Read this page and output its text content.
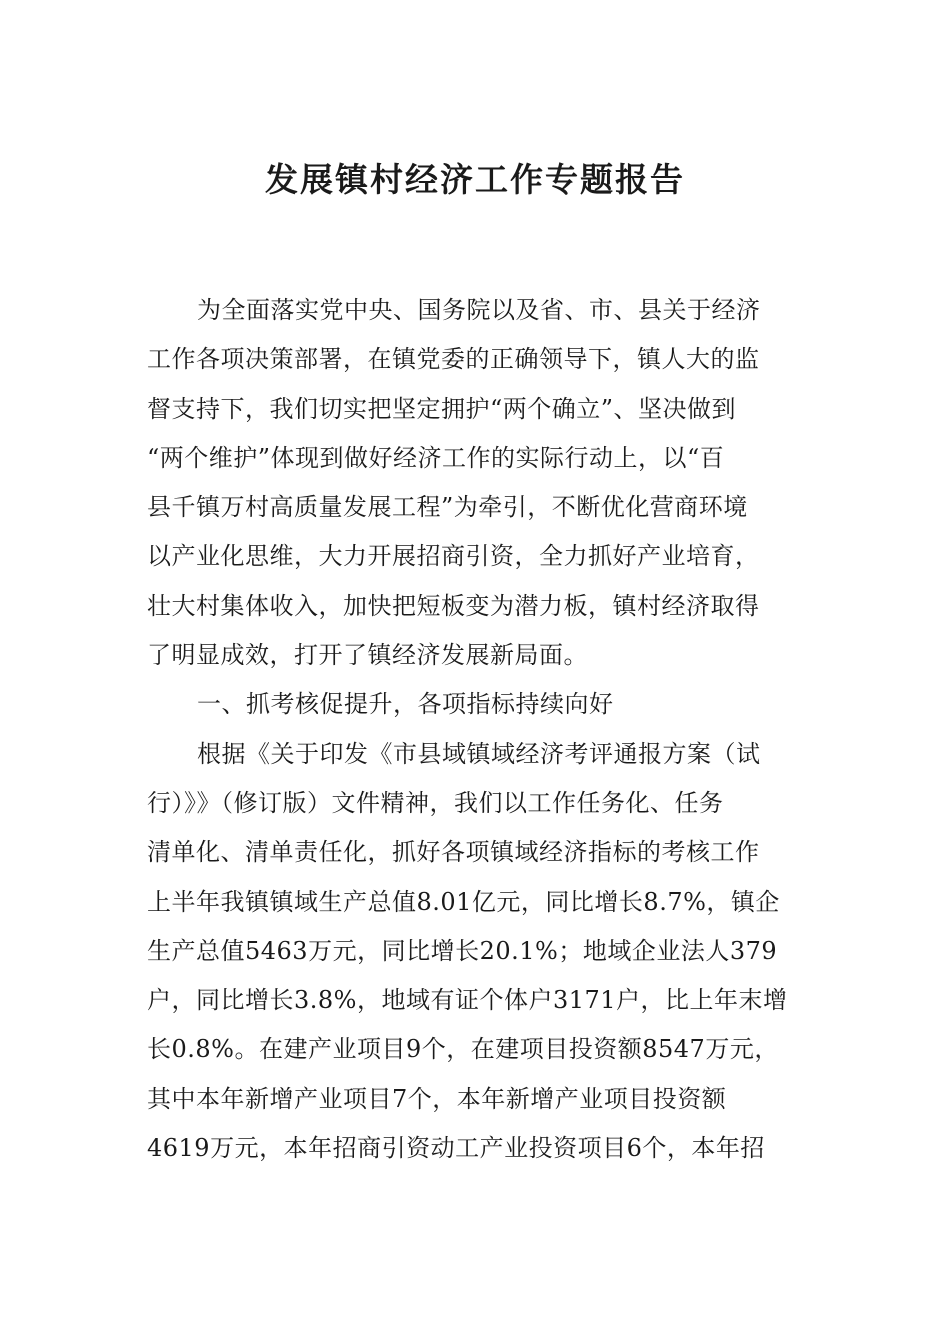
发展镇村经济工作专题报告
为全面落实党中央、国务院以及省、市、县关于经济
工作各项决策部署，在镇党委的正确领导下，镇人大的监
督支持下，我们切实把坚定拥护“两个确立”、坚决做到
“两个维护”体现到做好经济工作的实际行动上，以“百
县千镇万村高质量发展工程”为牵引，不断优化营商环境
以产业化思维，大力开展招商引资，全力抓好产业培育，
壮大村集体收入，加快把短板变为潜力板，镇村经济取得
了明显成效，打开了镇经济发展新局面。
一、抓考核促提升，各项指标持续向好
根据《关于印发《市县域镇域经济考评通报方案（试
行）》》（修订版）文件精神，我们以工作任务化、任务
清单化、清单责任化，抓好各项镇域经济指标的考核工作
上半年我镇镇域生产总值8.01亿元，同比增长8.7%，镇企
生产总值5463万元，同比增长20.1%；地域企业法人379
户，同比增长3.8%，地域有证个体户3171户，比上年末增
长0.8%。在建产业项目9个，在建项目投资额8547万元，
其中本年新增产业项目7个，本年新增产业项目投资额
4619万元，本年招商引资动工产业投资项目6个，本年招
